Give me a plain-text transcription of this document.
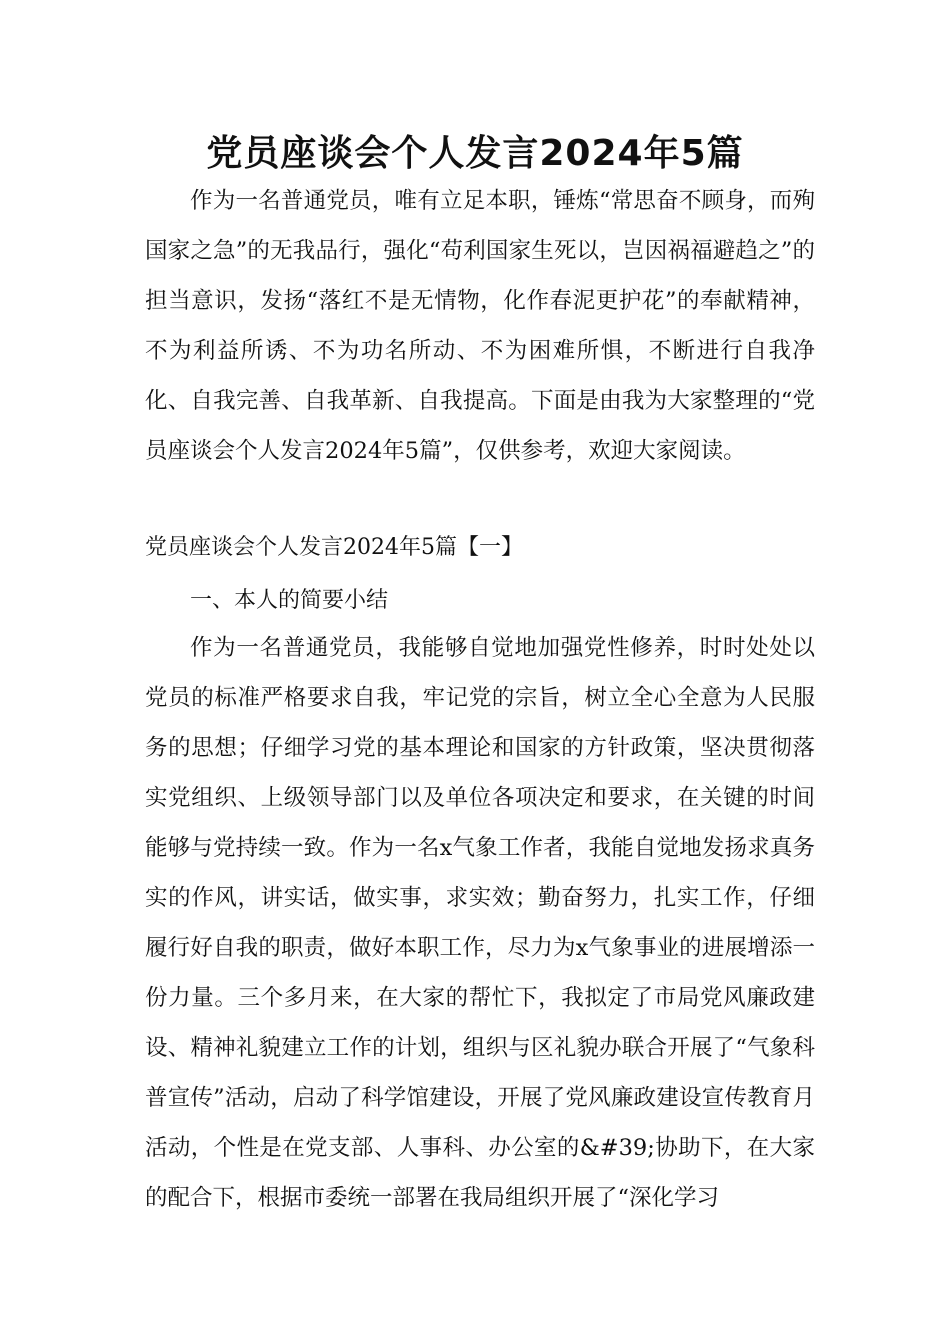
党员座谈会个人发言2024年5篇

作为一名普通党员，唯有立足本职，锤炼“常思奋不顾身，而殉国家之急”的无我品行，强化“苟利国家生死以，岂因祸福避趋之”的担当意识，发扬“落红不是无情物，化作春泥更护花”的奉献精神，不为利益所诱、不为功名所动、不为困难所惧，不断进行自我净化、自我完善、自我革新、自我提高。下面是由我为大家整理的“党员座谈会个人发言2024年5篇”，仅供参考，欢迎大家阅读。

党员座谈会个人发言2024年5篇【一】

一、本人的简要小结

作为一名普通党员，我能够自觉地加强党性修养，时时处处以党员的标准严格要求自我，牢记党的宗旨，树立全心全意为人民服务的思想；仔细学习党的基本理论和国家的方针政策，坚决贯彻落实党组织、上级领导部门以及单位各项决定和要求，在关键的时间能够与党持续一致。作为一名x气象工作者，我能自觉地发扬求真务实的作风，讲实话，做实事，求实效；勤奋努力，扎实工作，仔细履行好自我的职责，做好本职工作，尽力为x气象事业的进展增添一份力量。三个多月来，在大家的帮忙下，我拟定了市局党风廉政建设、精神礼貌建立工作的计划，组织与区礼貌办联合开展了“气象科普宣传”活动，启动了科学馆建设，开展了党风廉政建设宣传教育月活动，个性是在党支部、人事科、办公室的&#39;协助下，在大家的配合下，根据市委统一部署在我局组织开展了“深化学习
